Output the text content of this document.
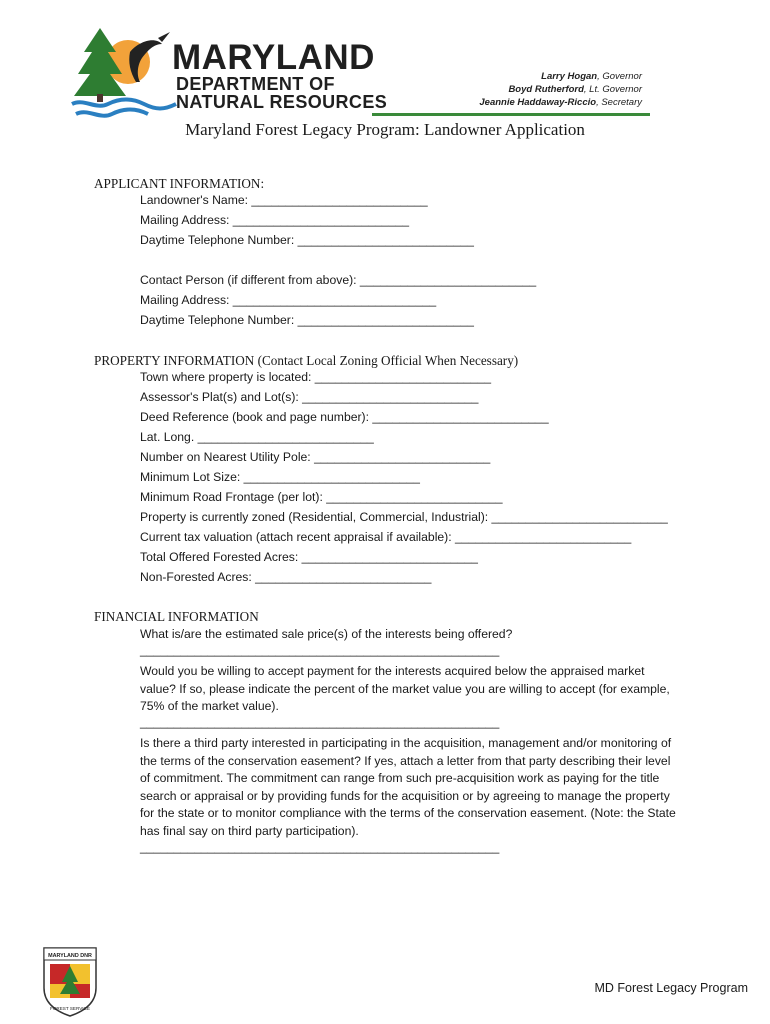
MARYLAND
DEPARTMENT OF
NATURAL RESOURCES
Larry Hogan, Governor
Boyd Rutherford, Lt. Governor
Jeannie Haddaway-Riccio, Secretary
Maryland Forest Legacy Program: Landowner Application
APPLICANT INFORMATION:
Landowner's Name: __________________________
Mailing Address: __________________________
Daytime Telephone Number: __________________________
Contact Person (if different from above): __________________________
Mailing Address: ______________________________
Daytime Telephone Number: __________________________
PROPERTY INFORMATION (Contact Local Zoning Official When Necessary)
Town where property is located: __________________________
Assessor's Plat(s) and Lot(s): __________________________
Deed Reference (book and page number): __________________________
Lat. Long. __________________________
Number on Nearest Utility Pole: __________________________
Minimum Lot Size: __________________________
Minimum Road Frontage (per lot): __________________________
Property is currently zoned (Residential, Commercial, Industrial): __________________________
Current tax valuation (attach recent appraisal if available): __________________________
Total Offered Forested Acres: __________________________
Non-Forested Acres: __________________________
FINANCIAL INFORMATION
What is/are the estimated sale price(s) of the interests being offered?
_____________________________________________________
Would you be willing to accept payment for the interests acquired below the appraised market value? If so, please indicate the percent of the market value you are willing to accept (for example, 75% of the market value).
_____________________________________________________
Is there a third party interested in participating in the acquisition, management and/or monitoring of the terms of the conservation easement? If yes, attach a letter from that party describing their level of commitment. The commitment can range from such pre-acquisition work as paying for the title search or appraisal or by providing funds for the acquisition or by agreeing to manage the property for the state or to monitor compliance with the terms of the conservation easement. (Note: the State has final say on third party participation).
_____________________________________________________
MARYLAND DNR
FOREST SERVICE
MD Forest Legacy Program
